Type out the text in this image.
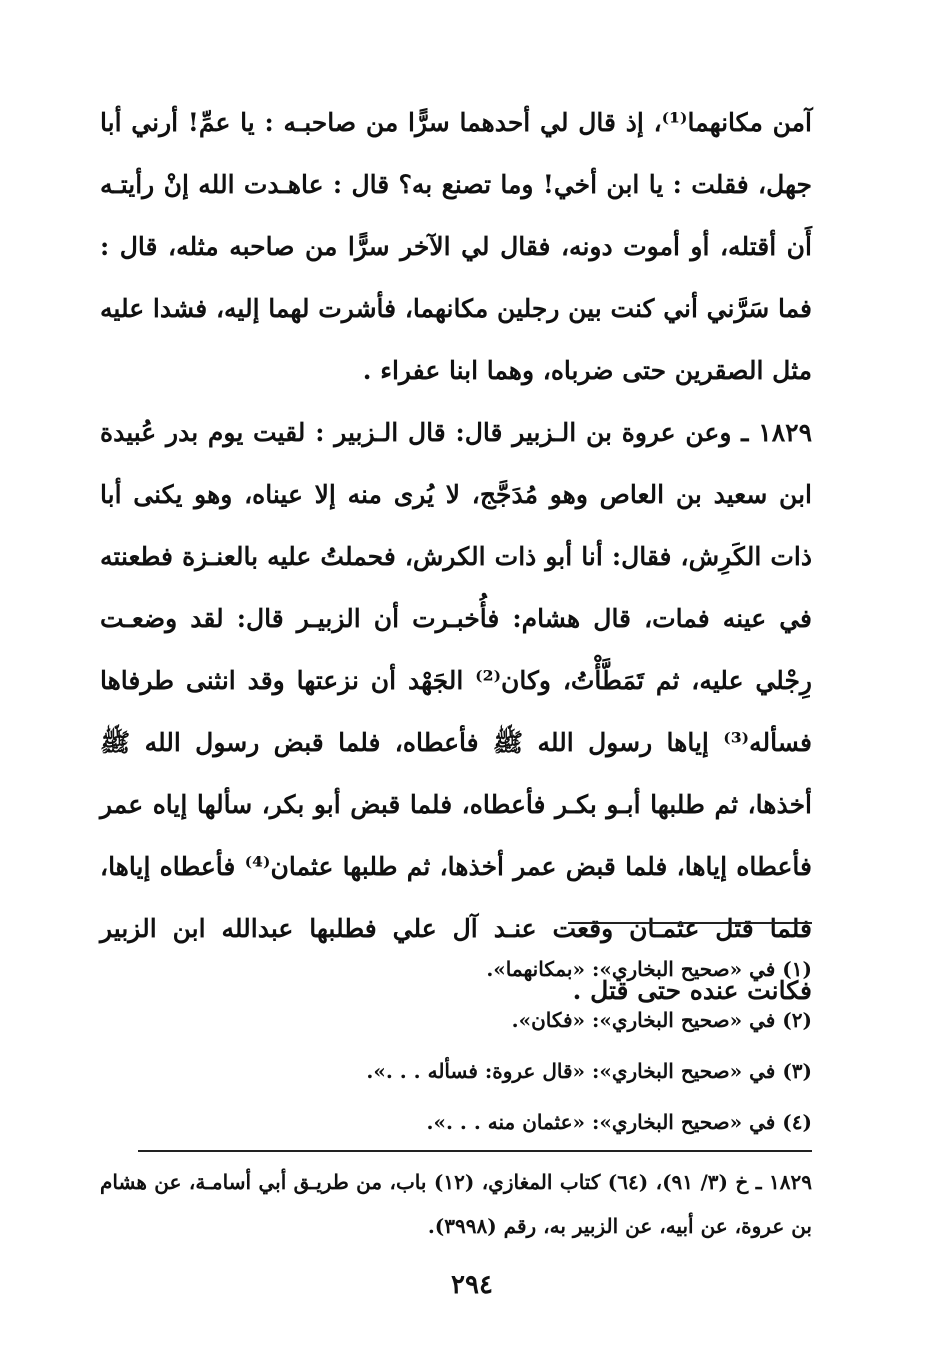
آمن مكانهما⁽¹⁾، إذ قال لي أحدهما سرًّا من صاحبـه : يا عمِّ! أرني أبا جهل، فقلت : يا ابن أخي! وما تصنع به؟ قال : عاهـدت الله إنْ رأيتـه أَن أقتله، أو أموت دونه، فقال لي الآخر سرًّا من صاحبه مثله، قال : فما سَرَّني أني كنت بين رجلين مكانهما، فأشرت لهما إليه، فشدا عليه مثل الصقرين حتى ضرباه، وهما ابنا عفراء .

١٨٢٩ ـ وعن عروة بن الـزبير قال: قال الـزبير : لقيت يوم بدر عُبيدة ابن سعيد بن العاص وهو مُدَجَّج، لا يُرى منه إلا عيناه، وهو يكنى أبا ذات الكَرِش، فقال: أنا أبو ذات الكرش، فحملتُ عليه بالعنـزة فطعنته في عينه فمات، قال هشام: فأُخبـرت أن الزبيـر قال: لقد وضعـت رِجْلي عليه، ثم تَمَطَّأْتُ، وكان⁽²⁾ الجَهْد أن نزعتها وقد انثنى طرفاها فسأله⁽³⁾ إياها رسول الله ﷺ فأعطاه، فلما قبض رسول الله ﷺ أخذها، ثم طلبها أبـو بكـر فأعطاه، فلما قبض أبو بكر، سألها إياه عمر فأعطاه إياها، فلما قبض عمر أخذها، ثم طلبها عثمان⁽⁴⁾ فأعطاه إياها، فلما قتل عثمـان وقعت عنـد آل علي فطلبها عبدالله ابن الزبير فكانت عنده حتى قتل .

(١) في «صحيح البخاري»: «بمكانهما».
(٢) في «صحيح البخاري»: «فكان».
(٣) في «صحيح البخاري»: «قال عروة: فسأله . . .».
(٤) في «صحيح البخاري»: «عثمان منه . . .».
١٨٢٩ ـ خ (٣/ ٩١)، (٦٤) كتاب المغازي، (١٢) باب، من طريـق أبي أسامـة، عن هشام بن عروة، عن أبيه، عن الزبير به، رقم (٣٩٩٨).
٢٩٤
